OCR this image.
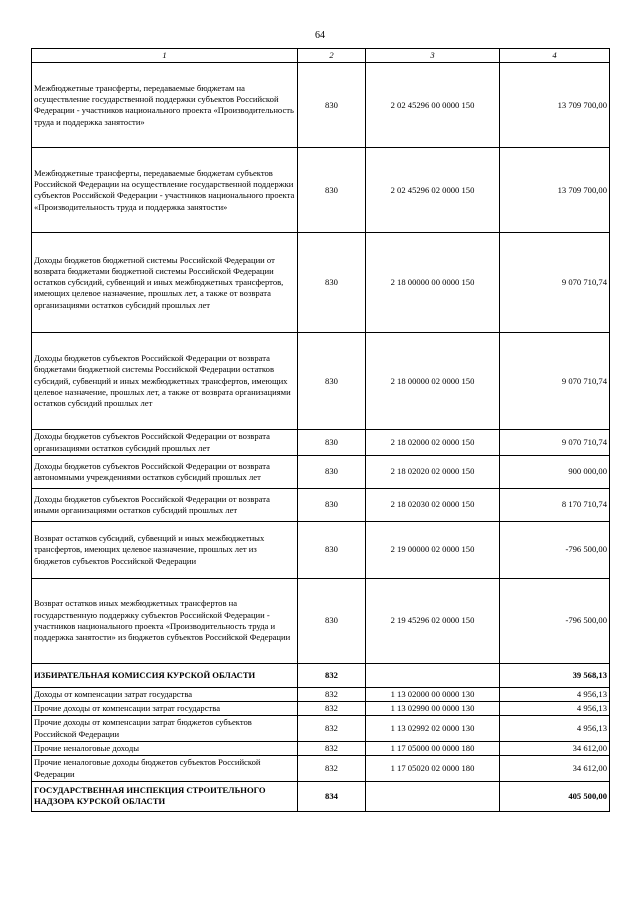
64
1	2	3	4
Межбюджетные трансферты, передаваемые бюджетам на осуществление государственной поддержки субъектов Российской Федерации - участников национального проекта «Производительность труда и поддержка занятости»	830	2 02 45296 00 0000 150	13 709 700,00
Межбюджетные трансферты, передаваемые бюджетам субъектов Российской Федерации на осуществление государственной поддержки субъектов Российской Федерации - участников национального проекта «Производительность труда и поддержка занятости»	830	2 02 45296 02 0000 150	13 709 700,00
Доходы бюджетов бюджетной системы Российской Федерации от возврата бюджетами бюджетной системы Российской Федерации остатков субсидий, субвенций и иных межбюджетных трансфертов, имеющих целевое назначение, прошлых лет, а также от возврата организациями остатков субсидий прошлых лет	830	2 18 00000 00 0000 150	9 070 710,74
Доходы бюджетов субъектов Российской Федерации от возврата бюджетами бюджетной системы Российской Федерации остатков субсидий, субвенций и иных межбюджетных трансфертов, имеющих целевое назначение, прошлых лет, а также от возврата организациями остатков субсидий прошлых лет	830	2 18 00000 02 0000 150	9 070 710,74
Доходы бюджетов субъектов Российской Федерации от возврата организациями остатков субсидий прошлых лет	830	2 18 02000 02 0000 150	9 070 710,74
Доходы бюджетов субъектов Российской Федерации от возврата автономными учреждениями остатков субсидий прошлых лет	830	2 18 02020 02 0000 150	900 000,00
Доходы бюджетов субъектов Российской Федерации от возврата иными организациями остатков субсидий прошлых лет	830	2 18 02030 02 0000 150	8 170 710,74
Возврат остатков субсидий, субвенций и иных межбюджетных трансфертов, имеющих целевое назначение, прошлых лет из бюджетов субъектов Российской Федерации	830	2 19 00000 02 0000 150	-796 500,00
Возврат остатков иных межбюджетных трансфертов на государственную поддержку субъектов Российской Федерации - участников национального проекта «Производительность труда и поддержка занятости» из бюджетов субъектов Российской Федерации	830	2 19 45296 02 0000 150	-796 500,00
ИЗБИРАТЕЛЬНАЯ КОМИССИЯ КУРСКОЙ ОБЛАСТИ	832		39 568,13
Доходы от компенсации затрат государства	832	1 13 02000 00 0000 130	4 956,13
Прочие доходы от компенсации затрат государства	832	1 13 02990 00 0000 130	4 956,13
Прочие доходы от компенсации затрат бюджетов субъектов Российской Федерации	832	1 13 02992 02 0000 130	4 956,13
Прочие неналоговые доходы	832	1 17 05000 00 0000 180	34 612,00
Прочие неналоговые доходы бюджетов субъектов Российской Федерации	832	1 17 05020 02 0000 180	34 612,00
ГОСУДАРСТВЕННАЯ ИНСПЕКЦИЯ СТРОИТЕЛЬНОГО НАДЗОРА КУРСКОЙ ОБЛАСТИ	834		405 500,00
